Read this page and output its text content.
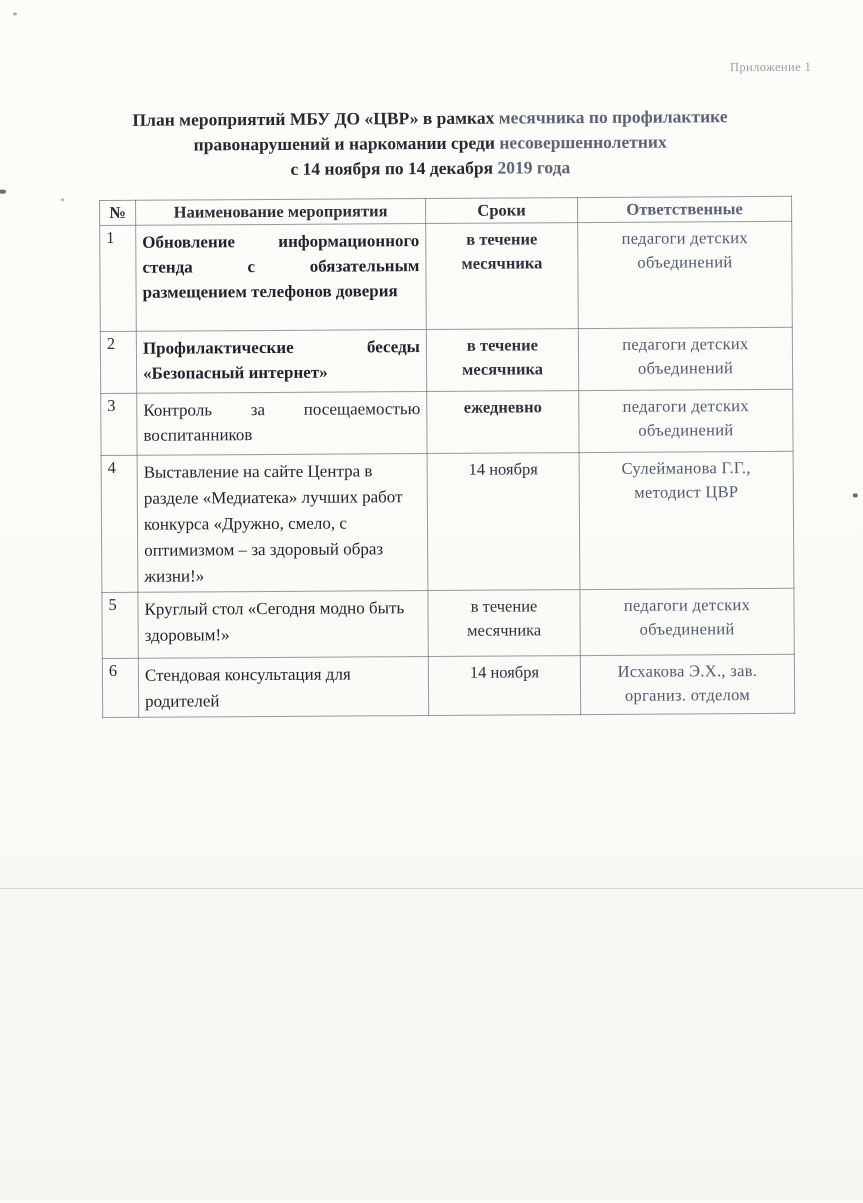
Приложение 1
План мероприятий МБУ ДО «ЦВР» в рамках месячника по профилактике
правонарушений и наркомании среди несовершеннолетних
с 14 ноября по 14 декабря 2019 года
№	Наименование мероприятия	Сроки	Ответственные

1	Обновление информационного стенда с обязательным размещением телефонов доверия	в течение месячника	педагоги детских объединений

2	Профилактические беседы «Безопасный интернет»	в течение месячника	педагоги детских объединений

3	Контроль за посещаемостью воспитанников	ежедневно	педагоги детских объединений

4	Выставление на сайте Центра в разделе «Медиатека» лучших работ конкурса «Дружно, смело, с оптимизмом – за здоровый образ жизни!»	14 ноября	Сулейманова Г.Г., методист ЦВР

5	Круглый стол «Сегодня модно быть здоровым!»	в течение месячника	педагоги детских объединений

6	Стендовая консультация для родителей	14 ноября	Исхакова Э.Х., зав. организ. отделом
